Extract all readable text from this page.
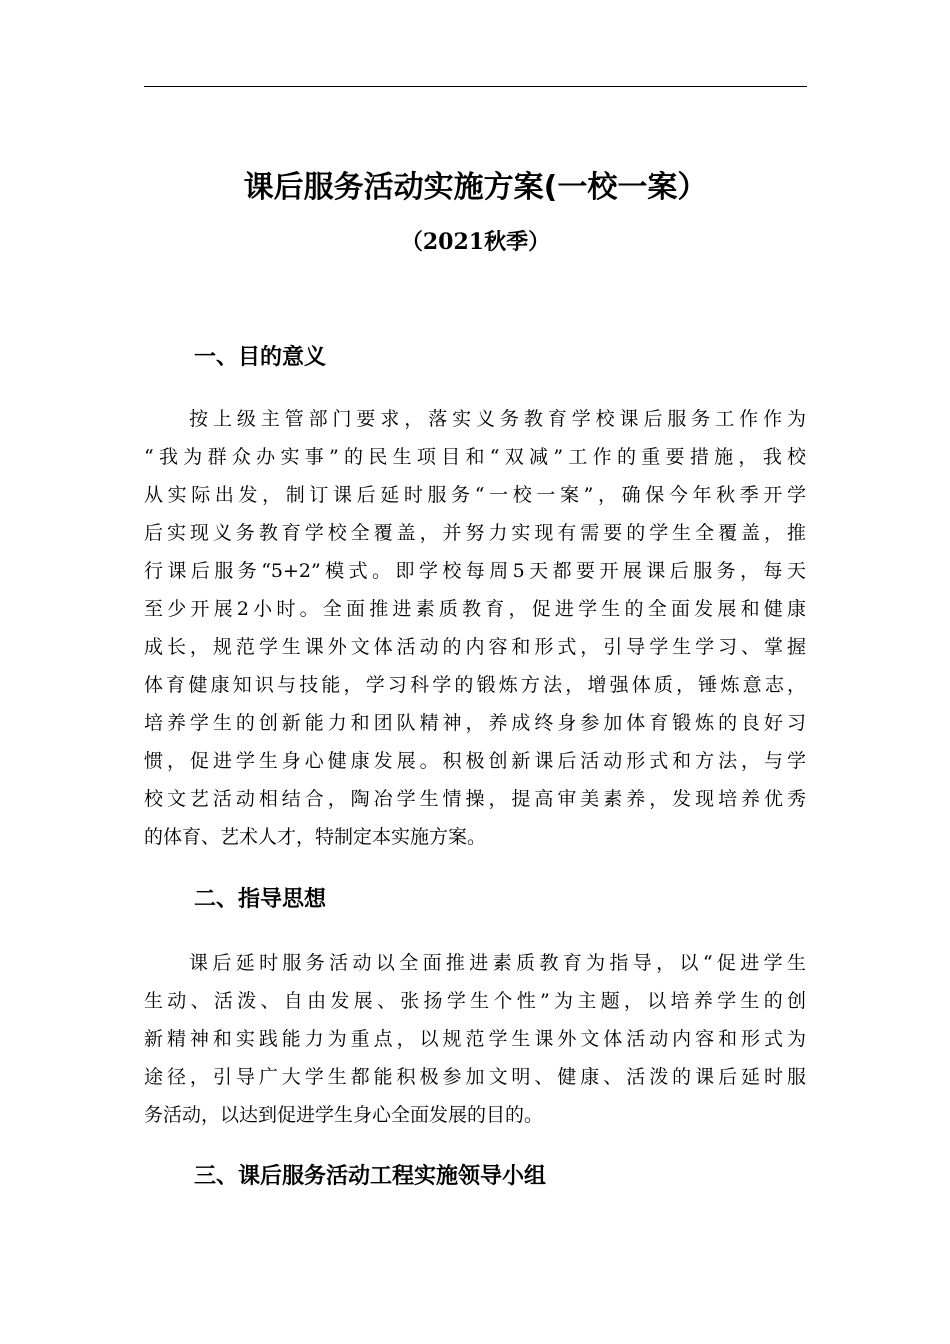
课后服务活动实施方案(一校一案）
（2021秋季）
一、目的意义
按上级主管部门要求，落实义务教育学校课后服务工作作为
“我为群众办实事”的民生项目和“双减”工作的重要措施，我校
从实际出发，制订课后延时服务“一校一案”，确保今年秋季开学
后实现义务教育学校全覆盖，并努力实现有需要的学生全覆盖，推
行课后服务“5+2”模式。即学校每周5天都要开展课后服务，每天
至少开展2小时。全面推进素质教育，促进学生的全面发展和健康
成长，规范学生课外文体活动的内容和形式，引导学生学习、掌握
体育健康知识与技能，学习科学的锻炼方法，增强体质，锤炼意志，
培养学生的创新能力和团队精神，养成终身参加体育锻炼的良好习
惯，促进学生身心健康发展。积极创新课后活动形式和方法，与学
校文艺活动相结合，陶冶学生情操，提高审美素养，发现培养优秀
的体育、艺术人才，特制定本实施方案。
二、指导思想
课后延时服务活动以全面推进素质教育为指导，以“促进学生
生动、活泼、自由发展、张扬学生个性”为主题，以培养学生的创
新精神和实践能力为重点，以规范学生课外文体活动内容和形式为
途径，引导广大学生都能积极参加文明、健康、活泼的课后延时服
务活动，以达到促进学生身心全面发展的目的。
三、课后服务活动工程实施领导小组
